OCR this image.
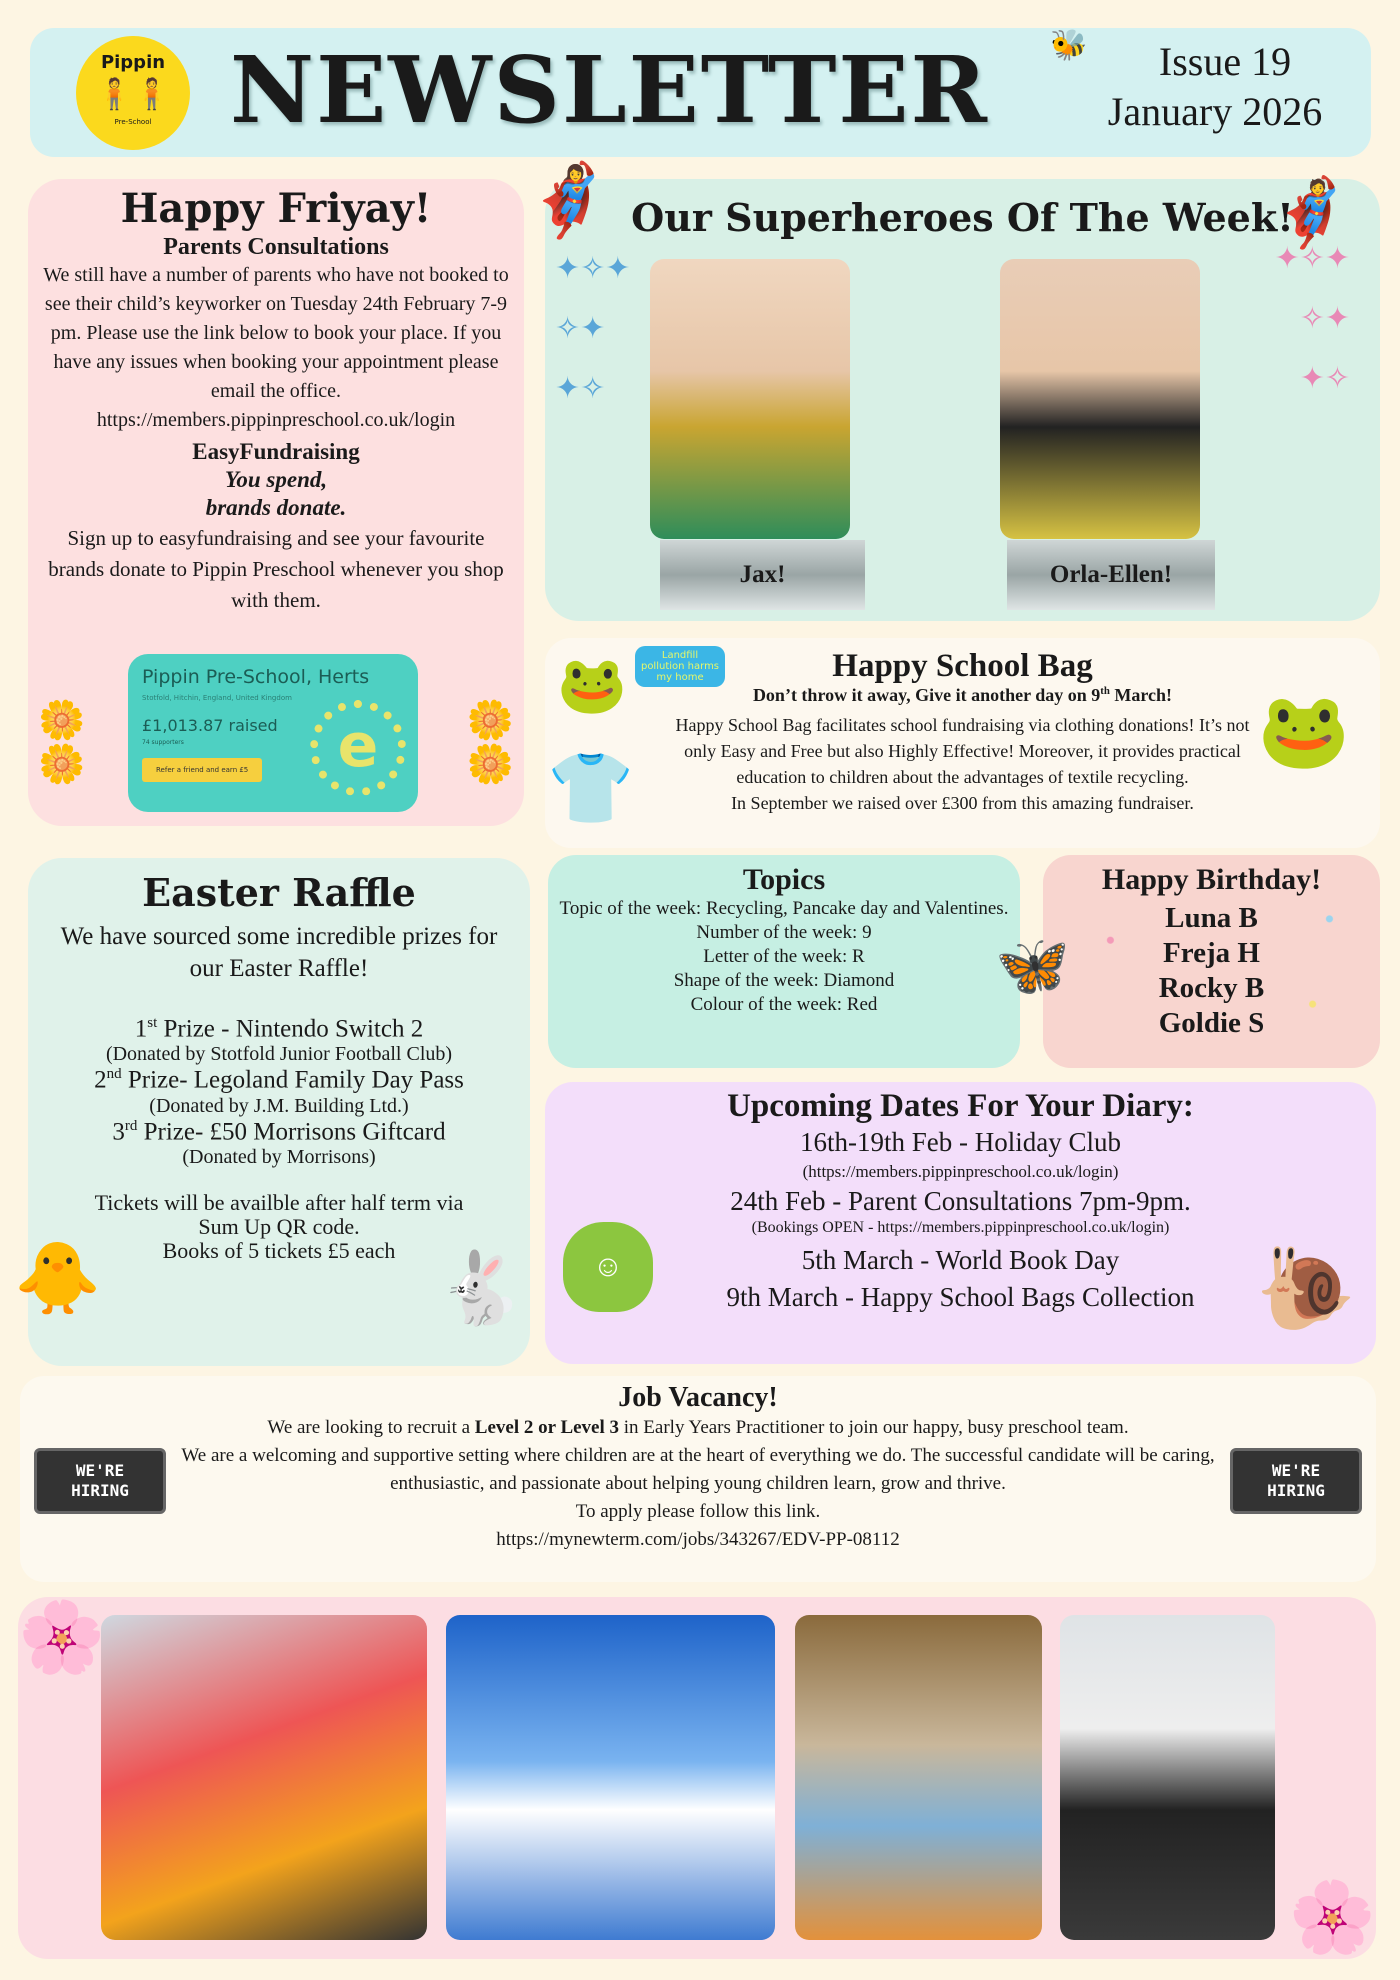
Pippin
🧍🧍
Pre-School NEWSLETTER	🐝	Issue 19
January 2026
Happy Friyay!
Parents Consultations
We still have a number of parents who have not booked to see their child’s keyworker on Tuesday 24th February 7-9 pm. Please use the link below to book your place. If you have any issues when booking your appointment please email the office.
https://members.pippinpreschool.co.uk/login
EasyFundraising
You spend,
brands donate.
Sign up to easyfundraising and see your favourite brands donate to Pippin Preschool whenever you shop with them.
Pippin Pre-School, Herts
Stotfold, Hitchin, England, United Kingdom
£1,013.87 raised
74 supporters
Refer a friend and earn £5	e
🌼
🌼
🌼
🌼
Our Superheroes Of The Week!
✦✧✦
✧✦
✦✧
✦✧✦
✧✦
✦✧
Jax!	Orla-Ellen!
🦸‍♀️	🦸
Happy School Bag
Don’t throw it away, Give it another day on 9th March!
Happy School Bag facilitates school fundraising via clothing donations! It’s not only Easy and Free but also Highly Effective! Moreover, it provides practical education to children about the advantages of textile recycling.
In September we raised over £300 from this amazing fundraiser.
🐸	Landfill pollution harms my home
👕
🐸
Easter Raffle
We have sourced some incredible prizes for our Easter Raffle!
1st Prize - Nintendo Switch 2
(Donated by Stotfold Junior Football Club)
2nd Prize- Legoland Family Day Pass
(Donated by J.M. Building Ltd.)
3rd Prize- £50 Morrisons Giftcard
(Donated by Morrisons)
Tickets will be availble after half term via
Sum Up QR code.
Books of 5 tickets £5 each
🐥	🐇
Topics
Topic of the week: Recycling, Pancake day and Valentines.
Number of the week: 9
Letter of the week: R
Shape of the week: Diamond
Colour of the week: Red
Happy Birthday!
Luna B
Freja H
Rocky B
Goldie S
🦋
Upcoming Dates For Your Diary:
16th-19th Feb - Holiday Club
(https://members.pippinpreschool.co.uk/login)
24th Feb - Parent Consultations 7pm-9pm.
(Bookings OPEN - https://members.pippinpreschool.co.uk/login)
5th March - World Book Day
9th March - Happy School Bags Collection
☺	🐌
Job Vacancy!
We are looking to recruit a Level 2 or Level 3 in Early Years Practitioner to join our happy, busy preschool team.
We are a welcoming and supportive setting where children are at the heart of everything we do. The successful candidate will be caring, enthusiastic, and passionate about helping young children learn, grow and thrive.
To apply please follow this link.
https://mynewterm.com/jobs/343267/EDV-PP-08112
WE'RE
HIRING
WE'RE
HIRING
🌸
🌸
